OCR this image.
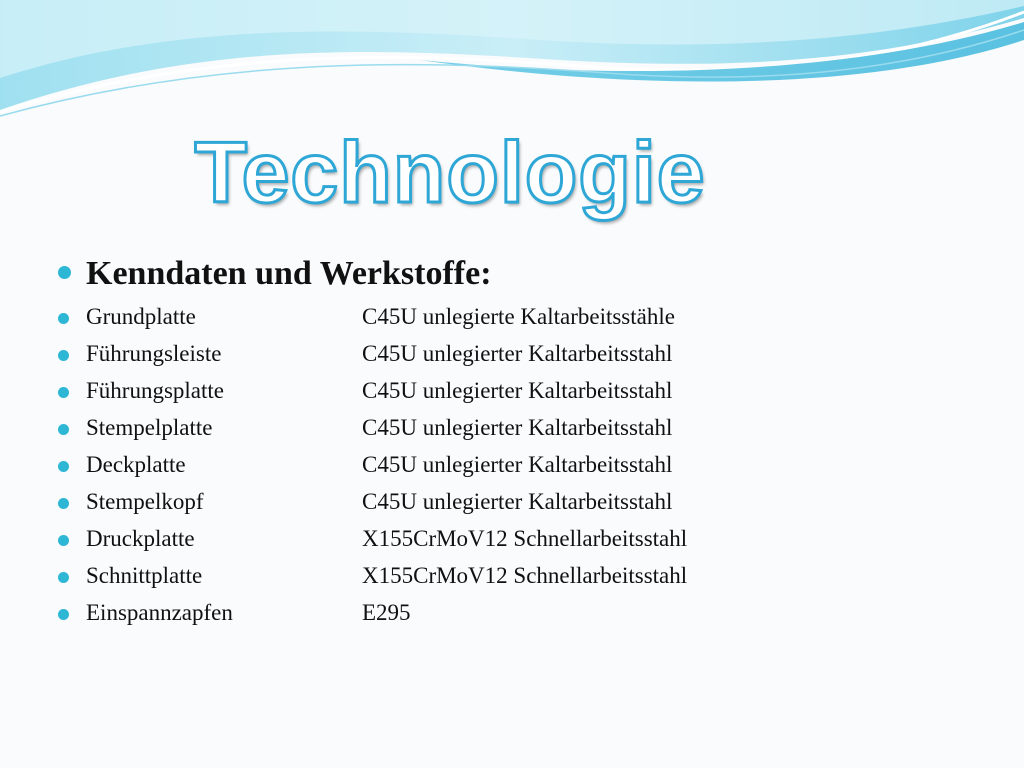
Technologie
Kenndaten und Werkstoffe:
Grundplatte	C45U unlegierte Kaltarbeitsstähle
Führungsleiste	C45U unlegierter Kaltarbeitsstahl
Führungsplatte	C45U unlegierter Kaltarbeitsstahl
Stempelplatte	C45U unlegierter Kaltarbeitsstahl
Deckplatte	C45U unlegierter Kaltarbeitsstahl
Stempelkopf	C45U unlegierter Kaltarbeitsstahl
Druckplatte	X155CrMoV12 Schnellarbeitsstahl
Schnittplatte	X155CrMoV12 Schnellarbeitsstahl
Einspannzapfen	E295
